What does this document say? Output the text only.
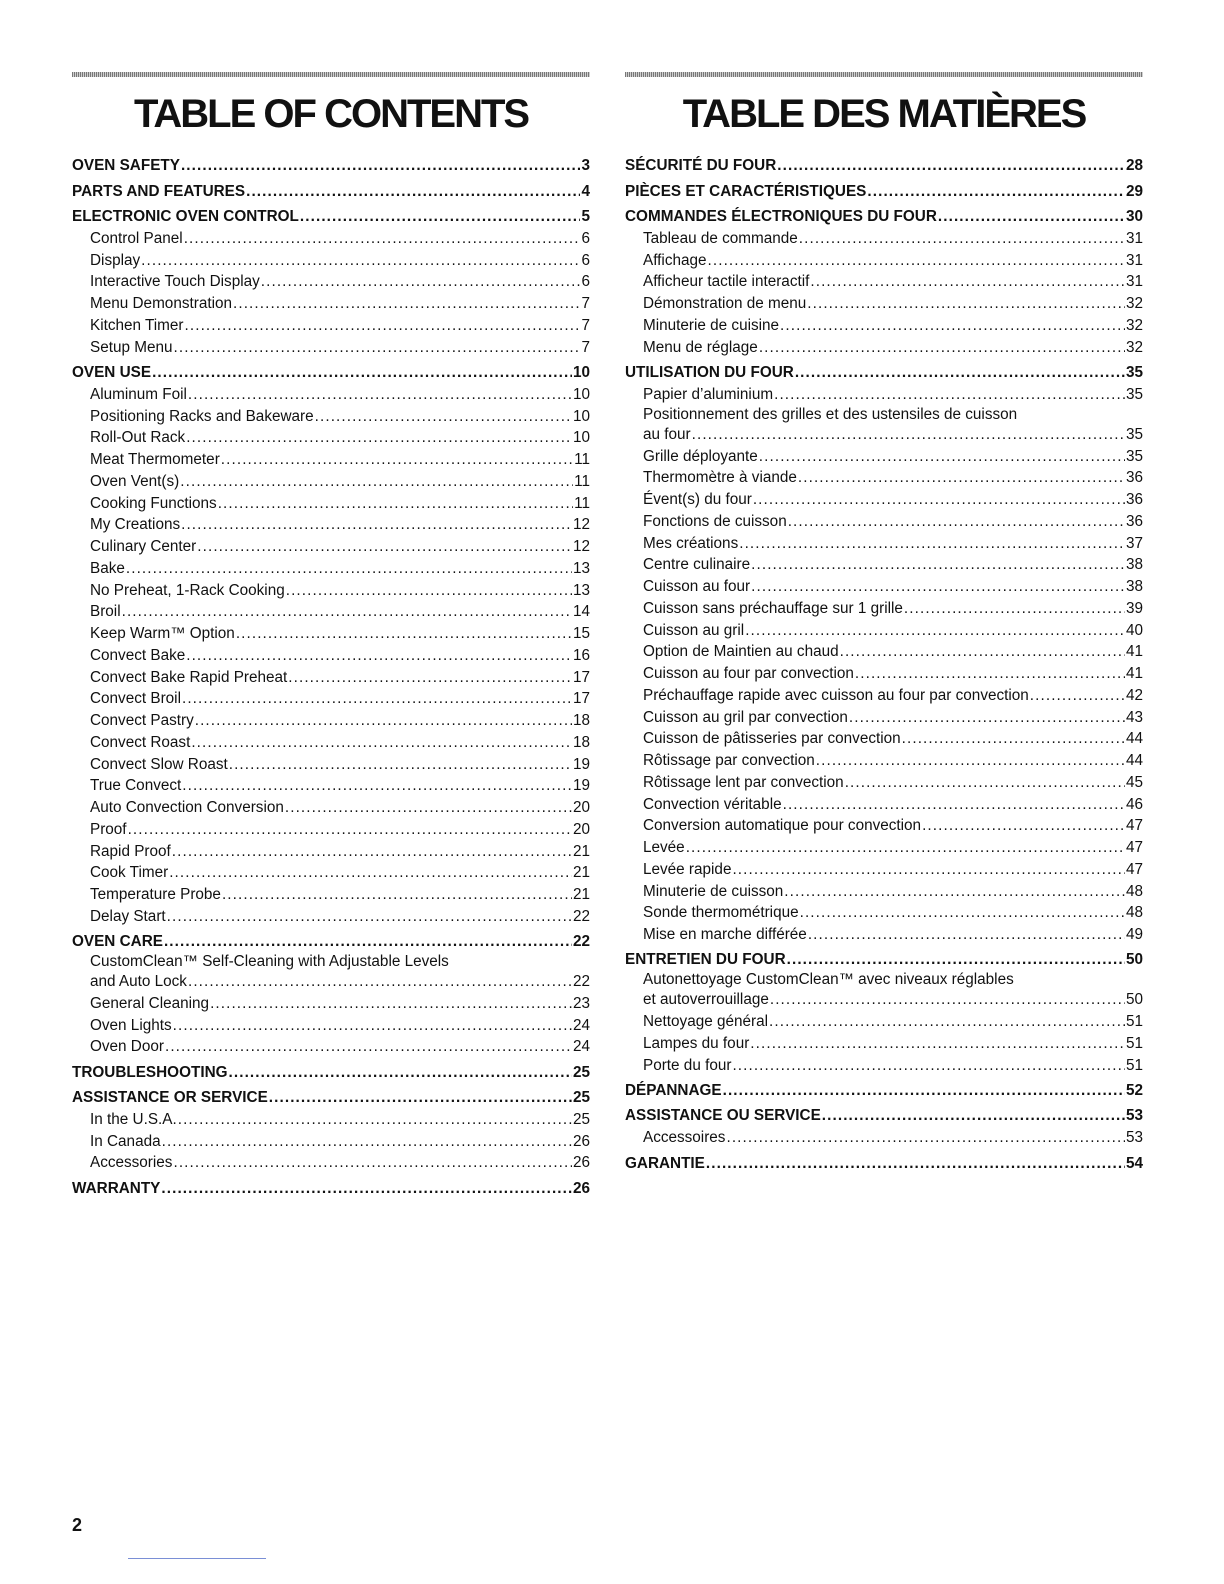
TABLE OF CONTENTS
OVEN SAFETY .....	3
PARTS AND FEATURES .....	4
ELECTRONIC OVEN CONTROL .....	5
Control Panel .....	6
Display .....	6
Interactive Touch Display .....	6
Menu Demonstration .....	7
Kitchen Timer .....	7
Setup Menu .....	7
OVEN USE .....	10
Aluminum Foil .....	10
Positioning Racks and Bakeware .....	10
Roll-Out Rack .....	10
Meat Thermometer .....	11
Oven Vent(s) .....	11
Cooking Functions .....	11
My Creations .....	12
Culinary Center .....	12
Bake .....	13
No Preheat, 1-Rack Cooking .....	13
Broil .....	14
Keep Warm™ Option .....	15
Convect Bake .....	16
Convect Bake Rapid Preheat .....	17
Convect Broil .....	17
Convect Pastry .....	18
Convect Roast .....	18
Convect Slow Roast .....	19
True Convect .....	19
Auto Convection Conversion .....	20
Proof .....	20
Rapid Proof .....	21
Cook Timer .....	21
Temperature Probe .....	21
Delay Start .....	22
OVEN CARE .....	22
CustomClean™ Self-Cleaning with Adjustable Levels
and Auto Lock .....	22
General Cleaning .....	23
Oven Lights .....	24
Oven Door .....	24
TROUBLESHOOTING .....	25
ASSISTANCE OR SERVICE .....	25
In the U.S.A. .....	25
In Canada .....	26
Accessories .....	26
WARRANTY .....	26
TABLE DES MATIÈRES
SÉCURITÉ DU FOUR .....	28
PIÈCES ET CARACTÉRISTIQUES .....	29
COMMANDES ÉLECTRONIQUES DU FOUR .....	30
Tableau de commande .....	31
Affichage .....	31
Afficheur tactile interactif .....	31
Démonstration de menu .....	32
Minuterie de cuisine .....	32
Menu de réglage .....	32
UTILISATION DU FOUR .....	35
Papier d’aluminium .....	35
Positionnement des grilles et des ustensiles de cuisson
au four .....	35
Grille déployante .....	35
Thermomètre à viande .....	36
Évent(s) du four .....	36
Fonctions de cuisson .....	36
Mes créations .....	37
Centre culinaire .....	38
Cuisson au four .....	38
Cuisson sans préchauffage sur 1 grille .....	39
Cuisson au gril .....	40
Option de Maintien au chaud .....	41
Cuisson au four par convection .....	41
Préchauffage rapide avec cuisson au four par convection .....	42
Cuisson au gril par convection .....	43
Cuisson de pâtisseries par convection .....	44
Rôtissage par convection .....	44
Rôtissage lent par convection .....	45
Convection véritable .....	46
Conversion automatique pour convection .....	47
Levée .....	47
Levée rapide .....	47
Minuterie de cuisson .....	48
Sonde thermométrique .....	48
Mise en marche différée .....	49
ENTRETIEN DU FOUR .....	50
Autonettoyage CustomClean™ avec niveaux réglables
et autoverrouillage .....	50
Nettoyage général .....	51
Lampes du four .....	51
Porte du four .....	51
DÉPANNAGE .....	52
ASSISTANCE OU SERVICE .....	53
Accessoires .....	53
GARANTIE .....	54
2
